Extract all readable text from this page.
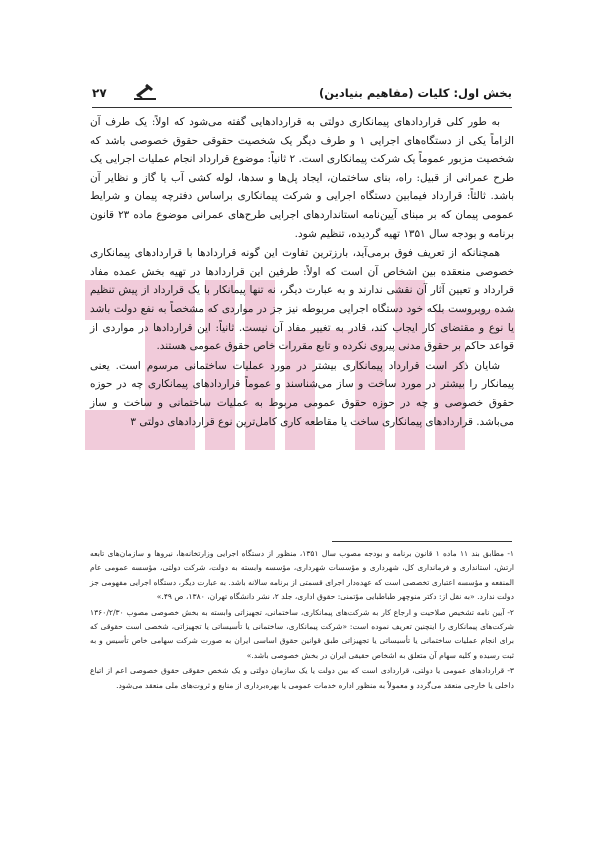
بخش اول: کلیات (مفاهیم بنیادین)
۲۷

به طور کلی قراردادهای پیمانکاری دولتی به قراردادهایی گفته می‌شود که اولاً: یک طرف آن الزاماً یکی از دستگاه‌های اجرایی ۱ و طرف دیگر یک شخصیت حقوقی حقوق خصوصی باشد که شخصیت مزبور عموماً یک شرکت پیمانکاری است. ۲ ثانیاً: موضوع قرارداد انجام عملیات اجرایی یک طرح عمرانی از قبیل: راه، بنای ساختمان، ایجاد پل‌ها و سدها، لوله کشی آب یا گاز و نظایر آن باشد. ثالثاً: قرارداد فیمابین دستگاه اجرایی و شرکت پیمانکاری براساس دفترچه پیمان و شرایط عمومی پیمان که بر مبنای آیین‌نامه استانداردهای اجرایی طرح‌های عمرانی موضوع ماده ۲۳ قانون برنامه و بودجه سال ۱۳۵۱ تهیه گردیده، تنظیم شود.

همچنانکه از تعریف فوق برمی‌آید، بارزترین تفاوت این گونه قراردادها با قراردادهای پیمانکاری خصوصی منعقده بین اشخاص آن است که اولاً: طرفین این قراردادها در تهیه بخش عمده مفاد قرارداد و تعیین آثار آن نقشی ندارند و به عبارت دیگر، نه تنها پیمانکار با یک قرارداد از پیش تنظیم شده روبروست بلکه خود دستگاه اجرایی مربوطه نیز جز در مواردی که مشخصاً به نفع دولت باشد یا نوع و مقتضای کار ایجاب کند، قادر به تغییر مفاد آن نیست. ثانیاً: این قراردادها در مواردی از قواعد حاکم بر حقوق مدنی پیروی نکرده و تابع مقررات خاص حقوق عمومی هستند.

شایان ذکر است قرارداد پیمانکاری بیشتر در مورد عملیات ساختمانی مرسوم است. یعنی پیمانکار را بیشتر در مورد ساخت و ساز می‌شناسند و عموماً قراردادهای پیمانکاری چه در حوزه حقوق خصوصی و چه در حوزه حقوق عمومی مربوط به عملیات ساختمانی و ساخت و ساز می‌باشد. قراردادهای پیمانکاری ساخت یا مقاطعه کاری کامل‌ترین نوع قراردادهای دولتی ۳

۱- مطابق بند ۱۱ ماده ۱ قانون برنامه و بودجه مصوب سال ۱۳۵۱، منظور از دستگاه اجرایی وزارتخانه‌ها، نیروها و سازمان‌های تابعه ارتش، استانداری و فرمانداری کل، شهرداری و مؤسسات شهرداری، مؤسسه وابسته به دولت، شرکت دولتی، مؤسسه عمومی عام المنفعه و مؤسسه اعتباری تخصصی است که عهده‌دار اجرای قسمتی از برنامه سالانه باشد. به عبارت دیگر، دستگاه اجرایی مفهومی جز دولت ندارد. «به نقل از: دکتر منوچهر طباطبایی مؤتمنی: حقوق اداری، جلد ۲، نشر دانشگاه تهران، ۱۳۸۰، ص ۴۹.»

۲- آیین نامه تشخیص صلاحیت و ارجاع کار به شرکت‌های پیمانکاری، ساختمانی، تجهیزاتی وابسته به بخش خصوصی مصوب ۱۳۶۰/۲/۳۰ شرکت‌های پیمانکاری را اینچنین تعریف نموده است: «شرکت پیمانکاری، ساختمانی یا تأسیساتی یا تجهیزاتی، شخصی است حقوقی که برای انجام عملیات ساختمانی یا تأسیساتی یا تجهیزاتی طبق قوانین حقوق اساسی ایران به صورت شرکت سهامی خاص تأسیس و به ثبت رسیده و کلیه سهام آن متعلق به اشخاص حقیقی ایران در بخش خصوصی باشد.»

۳- قراردادهای عمومی یا دولتی، قراردادی است که بین دولت یا یک سازمان دولتی و یک شخص حقوقی حقوق خصوصی اعم از اتباع داخلی یا خارجی منعقد می‌گردد و معمولاً به منظور اداره خدمات عمومی یا بهره‌برداری از منابع و ثروت‌های ملی منعقد می‌شود.
